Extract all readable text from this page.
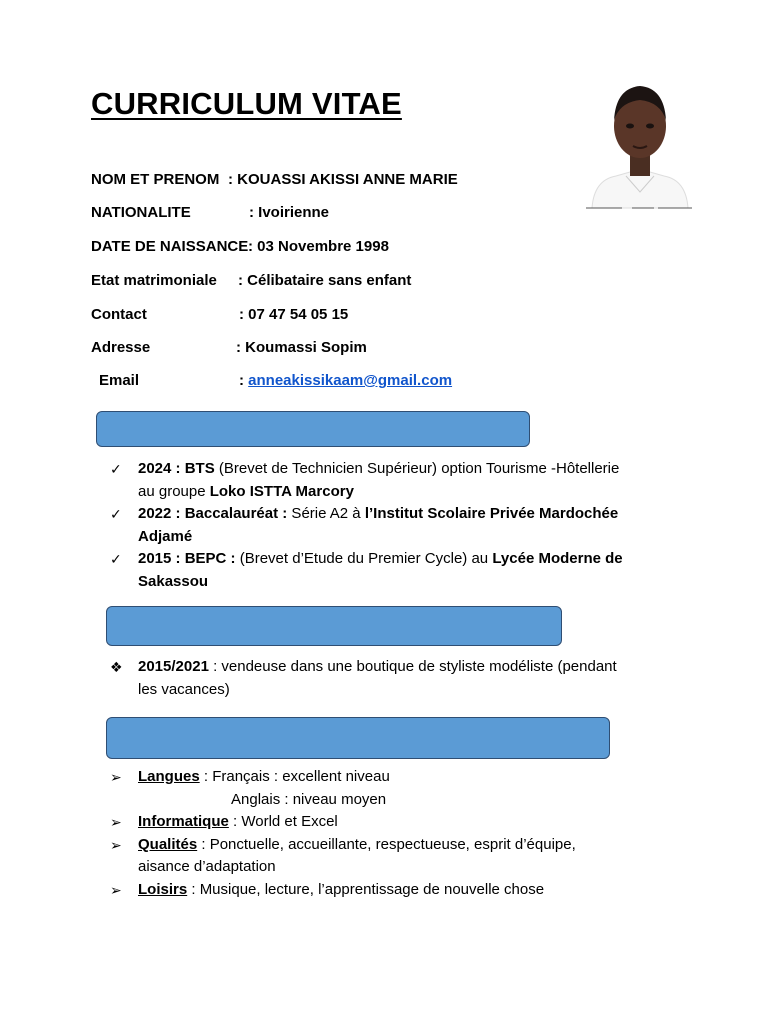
CURRICULUM VITAE
NOM ET PRENOM : KOUASSI AKISSI ANNE MARIE
NATIONALITE	: Ivoirienne
DATE DE NAISSANCE : 03 Novembre 1998
Etat matrimoniale : Célibataire sans enfant
Contact	: 07 47 54 05 15
Adresse	: Koumassi Sopim
Email	: anneakissikaam@gmail.com
✓	2024 : BTS (Brevet de Technicien Supérieur) option Tourisme -Hôtellerie
au groupe Loko ISTTA Marcory
✓	2022 : Baccalauréat : Série A2 à l’Institut Scolaire Privée Mardochée
Adjamé
✓	2015 : BEPC : (Brevet d’Etude du Premier Cycle) au Lycée Moderne de
Sakassou
❖	2015/2021 : vendeuse dans une boutique de styliste modéliste (pendant
les vacances)
➢	Langues : Français : excellent niveau
Anglais : niveau moyen
➢	Informatique : World et Excel
➢	Qualités : Ponctuelle, accueillante, respectueuse, esprit d’équipe,
aisance d’adaptation
➢	Loisirs : Musique, lecture, l’apprentissage de nouvelle chose
